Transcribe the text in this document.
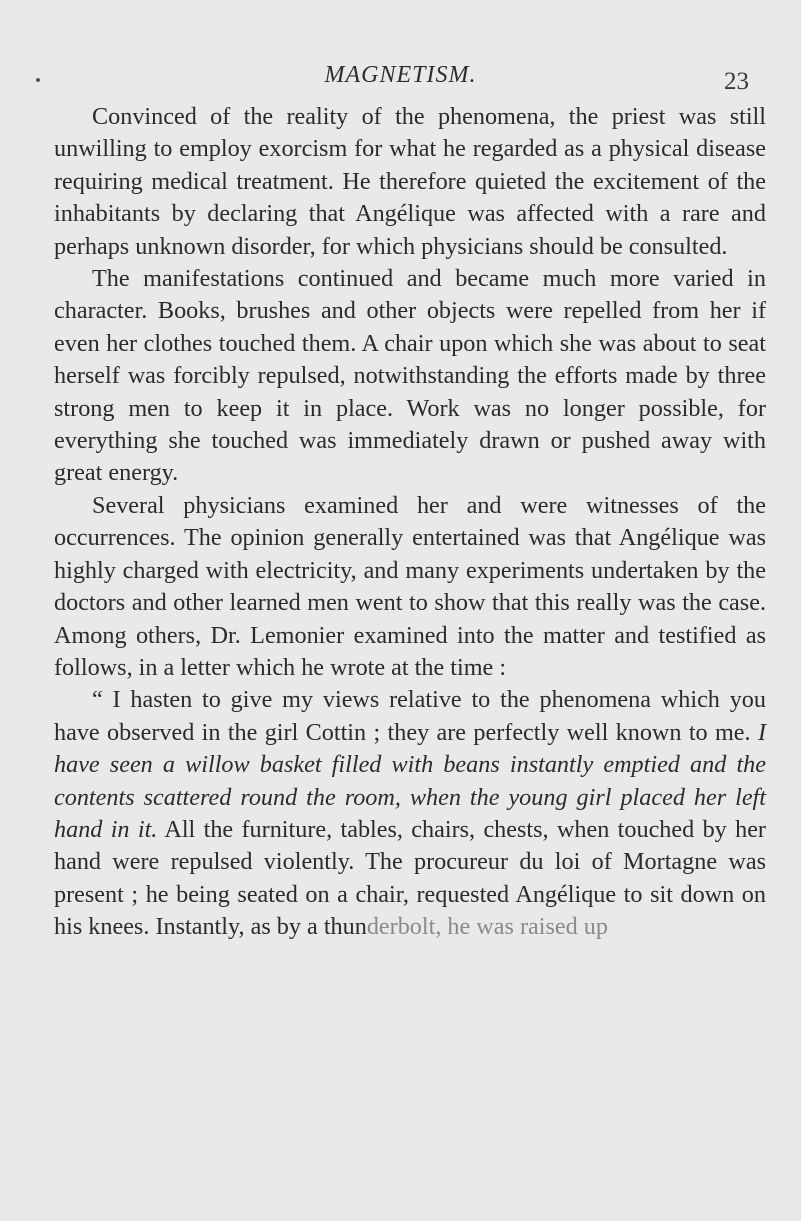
MAGNETISM.	23

Convinced of the reality of the phenomena, the priest was still unwilling to employ exorcism for what he regarded as a physical disease requiring medical treatment. He therefore quieted the excitement of the inhabitants by declaring that Angélique was affected with a rare and perhaps unknown disorder, for which physicians should be consulted.

The manifestations continued and became much more varied in character. Books, brushes and other objects were repelled from her if even her clothes touched them. A chair upon which she was about to seat herself was forcibly repulsed, notwithstanding the efforts made by three strong men to keep it in place. Work was no longer possible, for everything she touched was immediately drawn or pushed away with great energy.

Several physicians examined her and were witnesses of the occurrences. The opinion generally entertained was that Angélique was highly charged with electricity, and many experiments undertaken by the doctors and other learned men went to show that this really was the case. Among others, Dr. Lemonier examined into the matter and testified as follows, in a letter which he wrote at the time :

“ I hasten to give my views relative to the phenomena which you have observed in the girl Cottin ; they are perfectly well known to me. I have seen a willow basket filled with beans instantly emptied and the contents scattered round the room, when the young girl placed her left hand in it. All the furniture, tables, chairs, chests, when touched by her hand were repulsed violently. The procureur du loi of Mortagne was present ; he being seated on a chair, requested Angélique to sit down on his knees. Instantly, as by a thunderbolt, he was raised up
